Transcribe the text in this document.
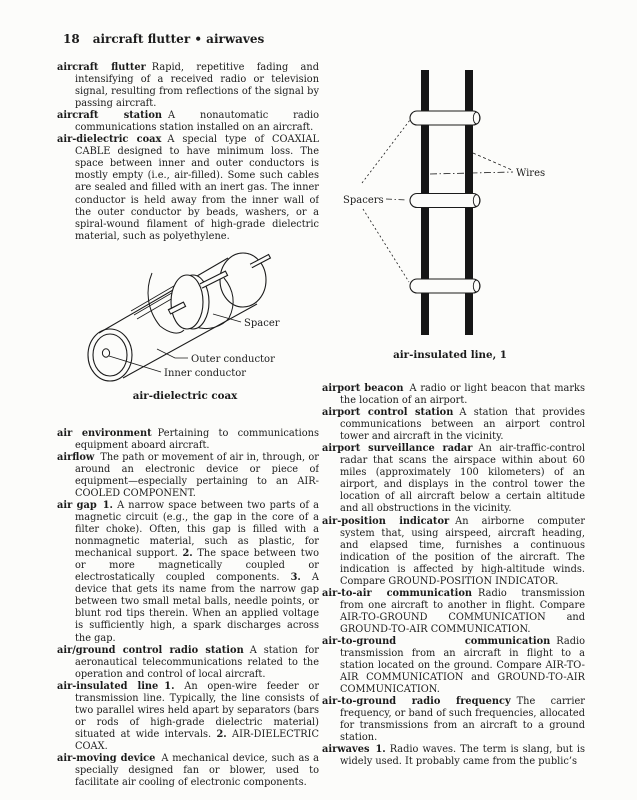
18 aircraft flutter • airwaves

aircraft flutter Rapid, repetitive fading and intensifying of a received radio or television signal, resulting from reflections of the signal by passing aircraft.

aircraft station A nonautomatic radio communications station installed on an aircraft.

air-dielectric coax A special type of COAXIAL CABLE designed to have minimum loss. The space between inner and outer conductors is mostly empty (i.e., air-filled). Some such cables are sealed and filled with an inert gas. The inner conductor is held away from the inner wall of the outer conductor by beads, washers, or a spiral-wound filament of high-grade dielectric material, such as polyethylene.

Spacer
Outer conductor
Inner conductor
air-dielectric coax

air environment Pertaining to communications equipment aboard aircraft.

airflow The path or movement of air in, through, or around an electronic device or piece of equipment—especially pertaining to an AIR-COOLED COMPONENT.

air gap 1. A narrow space between two parts of a magnetic circuit (e.g., the gap in the core of a filter choke). Often, this gap is filled with a nonmagnetic material, such as plastic, for mechanical support. 2. The space between two or more magnetically coupled or electrostatically coupled components. 3. A device that gets its name from the narrow gap between two small metal balls, needle points, or blunt rod tips therein. When an applied voltage is sufficiently high, a spark discharges across the gap.

air/ground control radio station A station for aeronautical telecommunications related to the operation and control of local aircraft.

air-insulated line 1. An open-wire feeder or transmission line. Typically, the line consists of two parallel wires held apart by separators (bars or rods of high-grade dielectric material) situated at wide intervals. 2. AIR-DIELECTRIC COAX.

air-moving device A mechanical device, such as a specially designed fan or blower, used to facilitate air cooling of electronic components.

Spacers
Wires
air-insulated line, 1

airport beacon A radio or light beacon that marks the location of an airport.

airport control station A station that provides communications between an airport control tower and aircraft in the vicinity.

airport surveillance radar An air-traffic-control radar that scans the airspace within about 60 miles (approximately 100 kilometers) of an airport, and displays in the control tower the location of all aircraft below a certain altitude and all obstructions in the vicinity.

air-position indicator An airborne computer system that, using airspeed, aircraft heading, and elapsed time, furnishes a continuous indication of the position of the aircraft. The indication is affected by high-altitude winds. Compare GROUND-POSITION INDICATOR.

air-to-air communication Radio transmission from one aircraft to another in flight. Compare AIR-TO-GROUND COMMUNICATION and GROUND-TO-AIR COMMUNICATION.

air-to-ground communication Radio transmission from an aircraft in flight to a station located on the ground. Compare AIR-TO-AIR COMMUNICATION and GROUND-TO-AIR COMMUNICATION.

air-to-ground radio frequency The carrier frequency, or band of such frequencies, allocated for transmissions from an aircraft to a ground station.

airwaves 1. Radio waves. The term is slang, but is widely used. It probably came from the public’s
